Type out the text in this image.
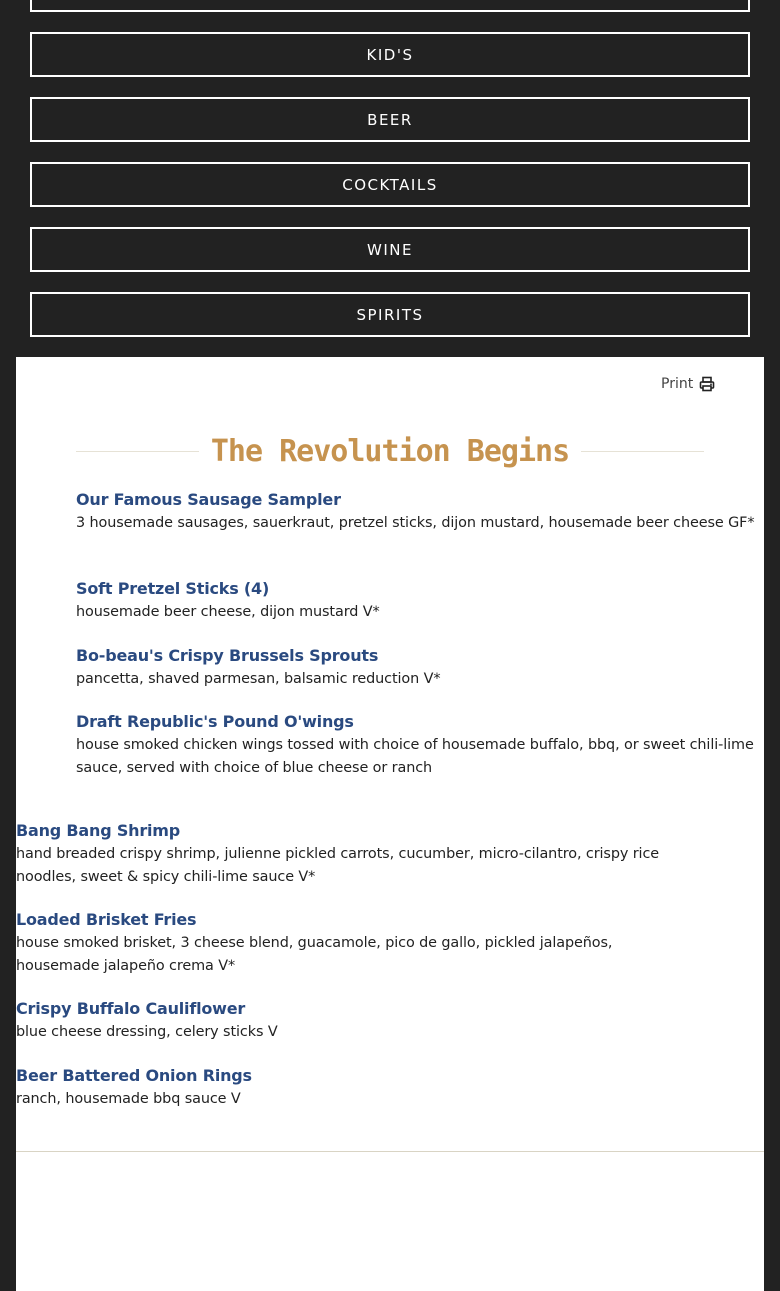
KID'S
BEER
COCKTAILS
WINE
SPIRITS
Print
The Revolution Begins
Our Famous Sausage Sampler
3 housemade sausages, sauerkraut, pretzel sticks, dijon mustard, housemade beer cheese GF*
Soft Pretzel Sticks (4)
housemade beer cheese, dijon mustard V*
Bo-beau's Crispy Brussels Sprouts
pancetta, shaved parmesan, balsamic reduction V*
Draft Republic's Pound O'wings
house smoked chicken wings tossed with choice of housemade buffalo, bbq, or sweet chili-lime sauce, served with choice of blue cheese or ranch
Bang Bang Shrimp
hand breaded crispy shrimp, julienne pickled carrots, cucumber, micro-cilantro, crispy rice noodles, sweet & spicy chili-lime sauce V*
Loaded Brisket Fries
house smoked brisket, 3 cheese blend, guacamole, pico de gallo, pickled jalapeños, housemade jalapeño crema V*
Crispy Buffalo Cauliflower
blue cheese dressing, celery sticks V
Beer Battered Onion Rings
ranch, housemade bbq sauce V
